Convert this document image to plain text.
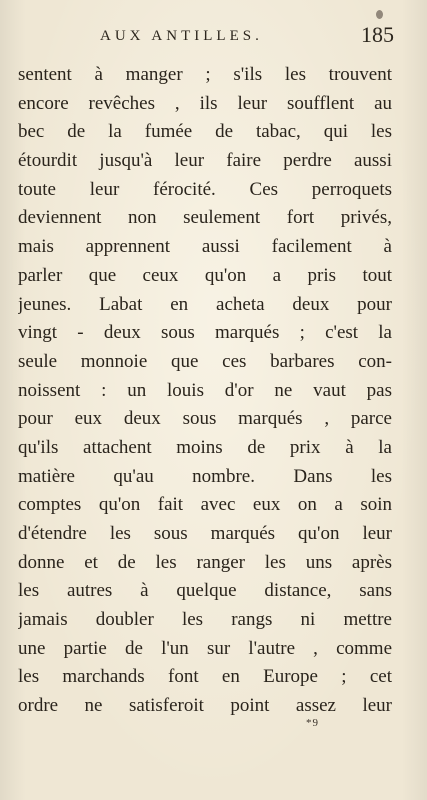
AUX ANTILLES.	185
sentent à manger ; s'ils les trouvent
encore revêches , ils leur soufflent au
bec de la fumée de tabac, qui les
étourdit jusqu'à leur faire perdre aussi
toute leur férocité. Ces perroquets
deviennent non seulement fort privés,
mais apprennent aussi facilement à
parler que ceux qu'on a pris tout
jeunes. Labat en acheta deux pour
vingt - deux sous marqués ; c'est la
seule monnoie que ces barbares con-
noissent : un louis d'or ne vaut pas
pour eux deux sous marqués , parce
qu'ils attachent moins de prix à la
matière qu'au nombre. Dans les
comptes qu'on fait avec eux on a soin
d'étendre les sous marqués qu'on leur
donne et de les ranger les uns après
les autres à quelque distance, sans
jamais doubler les rangs ni mettre
une partie de l'un sur l'autre , comme
les marchands font en Europe ; cet
ordre ne satisferoit point assez leur
*9
